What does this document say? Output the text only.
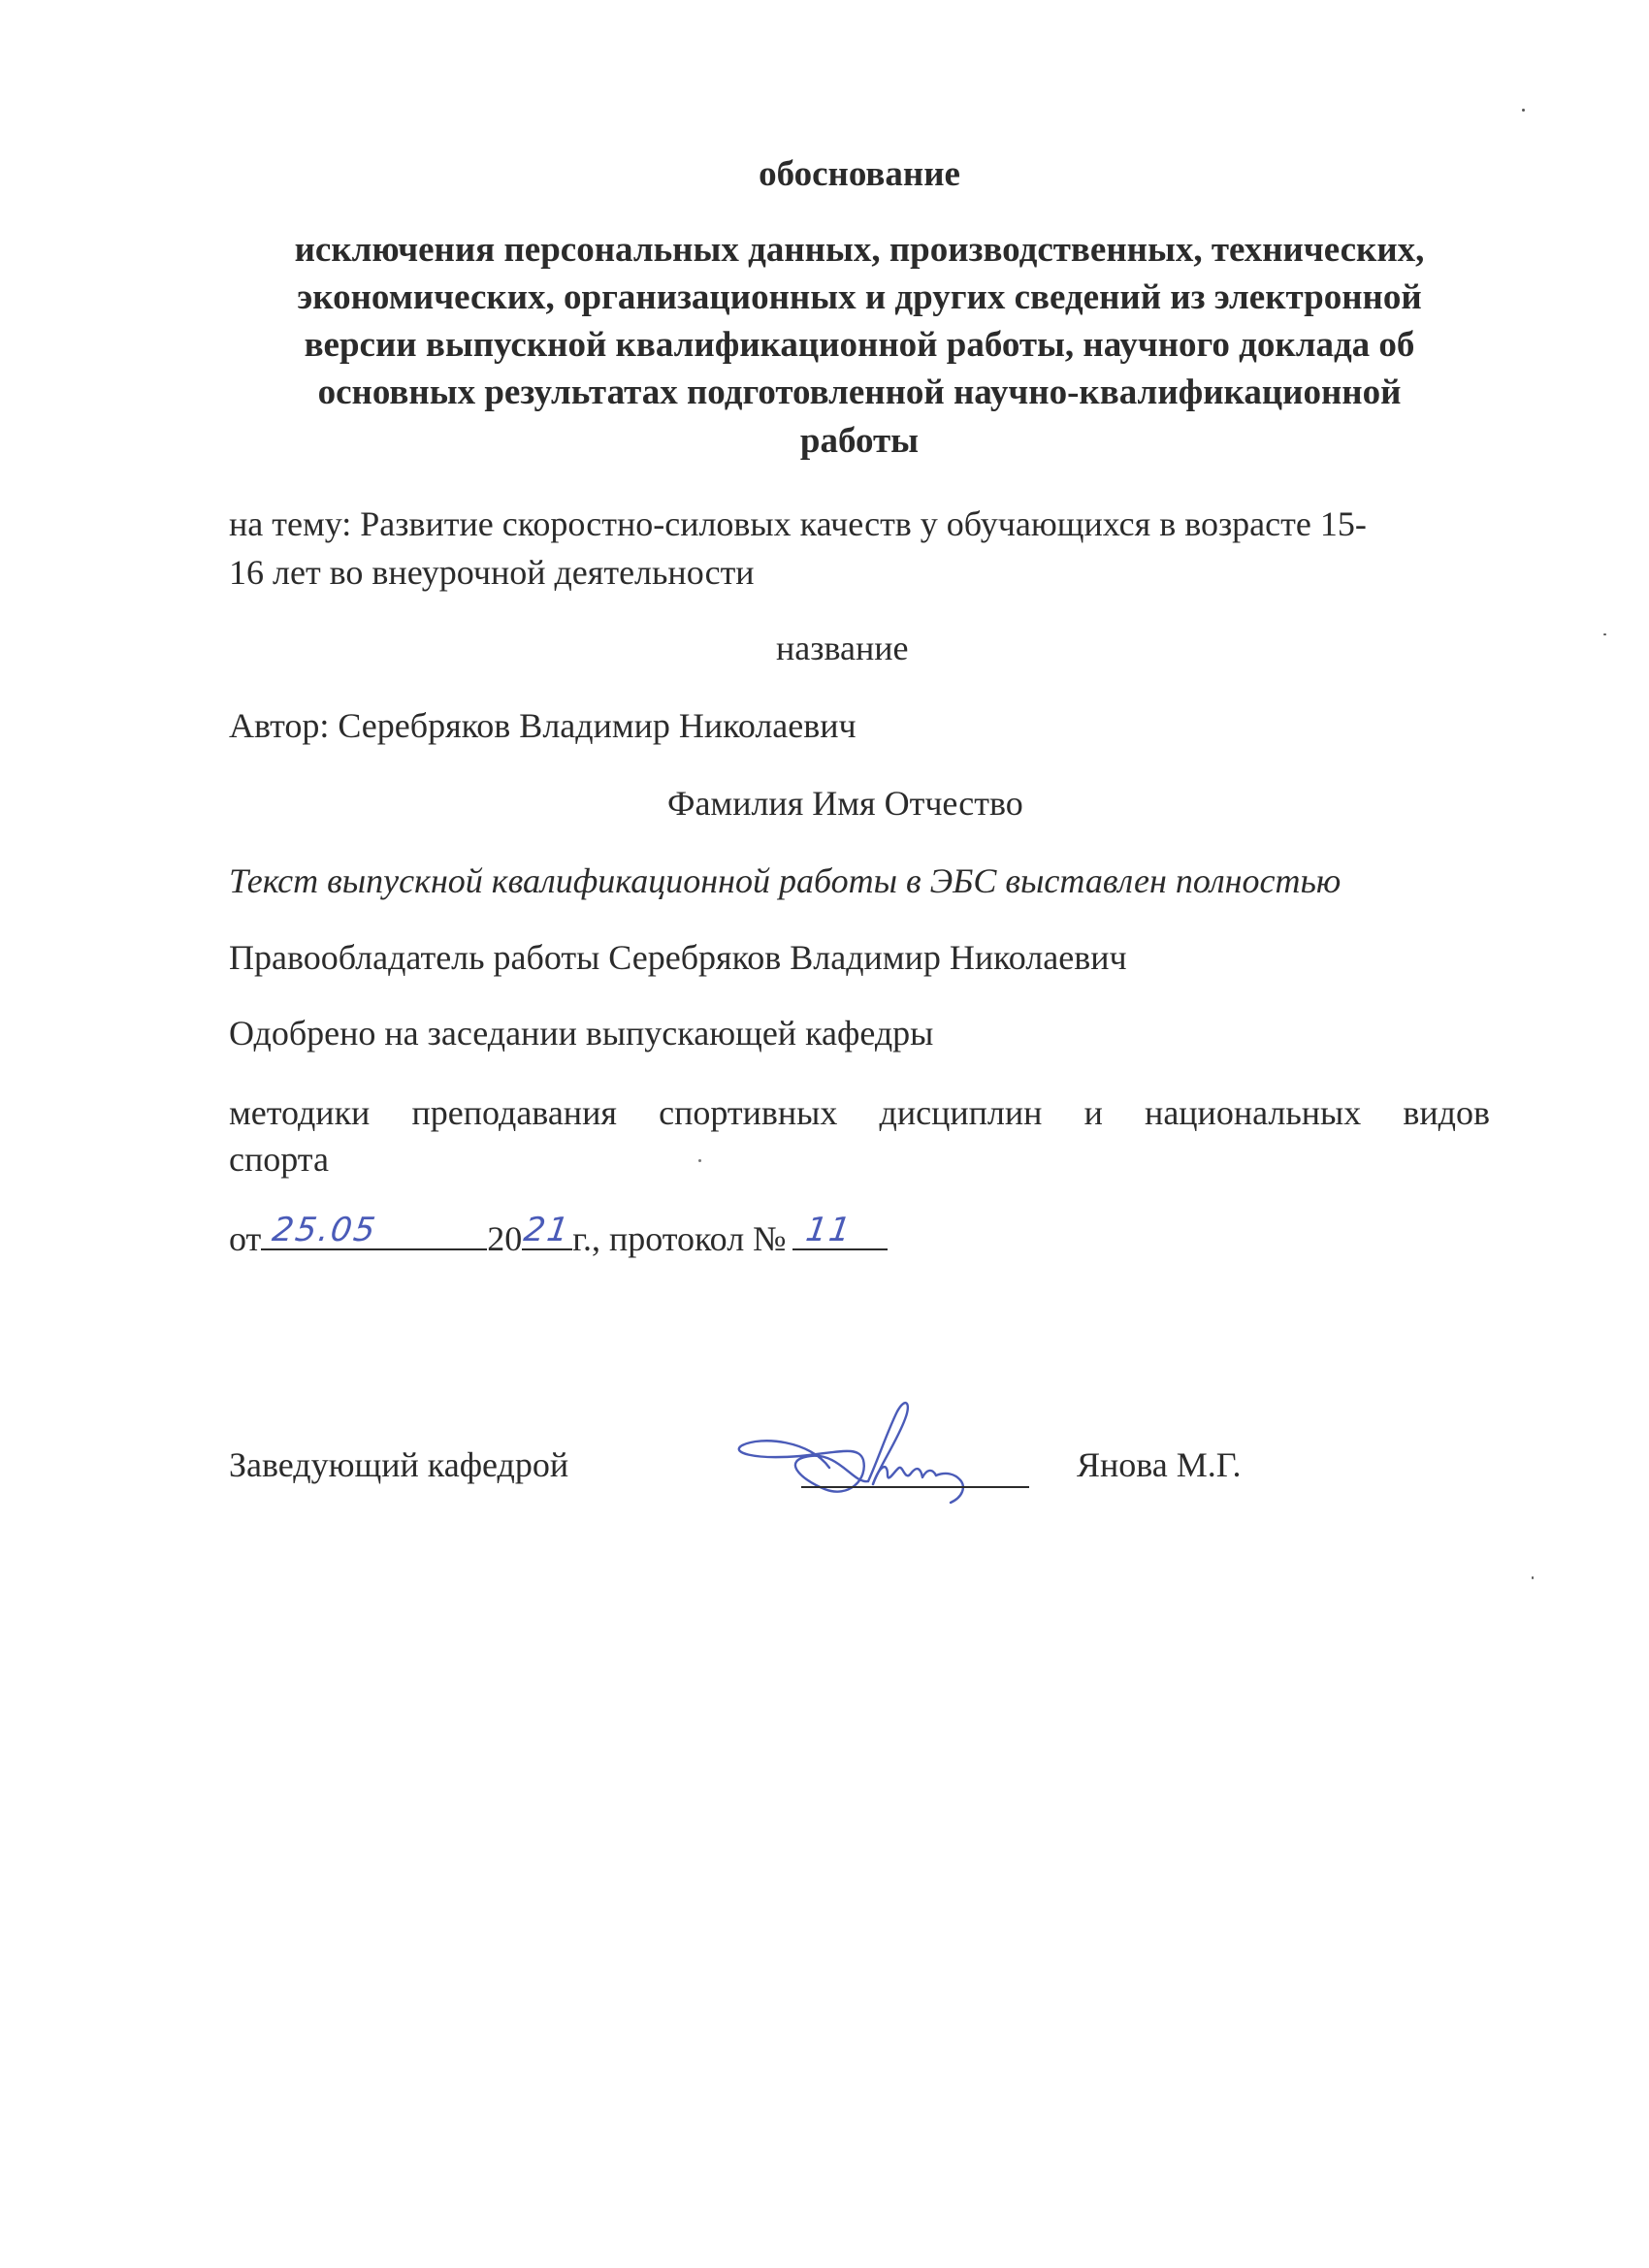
обоснование
исключения персональных данных, производственных, технических,
экономических, организационных и других сведений из электронной
версии выпускной квалификационной работы, научного доклада об
основных результатах подготовленной научно-квалификационной
работы
на тему: Развитие скоростно-силовых качеств у обучающихся в возрасте 15-
16 лет во внеурочной деятельности
название
Автор: Серебряков Владимир Николаевич
Фамилия Имя Отчество
Текст выпускной квалификационной работы в ЭБС выставлен полностью
Правообладатель работы Серебряков Владимир Николаевич
Одобрено на заседании выпускающей кафедры
методики преподавания спортивных дисциплин и национальных видов
спорта
от 25.05	20 21 г., протокол № 11
Заведующий кафедрой	Янова М.Г.
